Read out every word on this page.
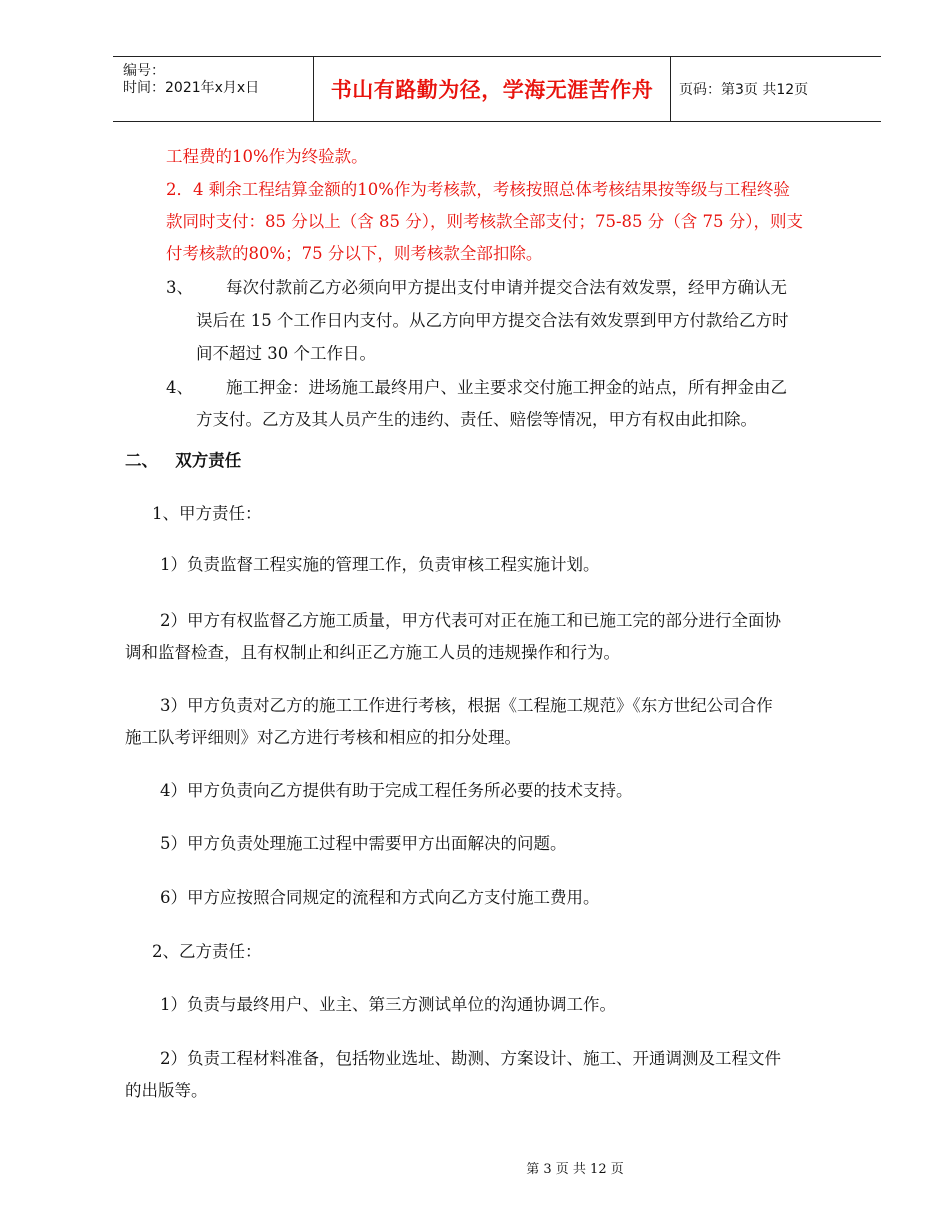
编号：
时间：2021年x月x日	书山有路勤为径，学海无涯苦作舟	页码：第3页 共12页
工程费的10%作为终验款。
2．4 剩余工程结算金额的10%作为考核款，考核按照总体考核结果按等级与工程终验
款同时支付：85 分以上（含 85 分），则考核款全部支付；75-85 分（含 75 分），则支
付考核款的80%；75 分以下，则考核款全部扣除。
3、 每次付款前乙方必须向甲方提出支付申请并提交合法有效发票，经甲方确认无
误后在 15 个工作日内支付。从乙方向甲方提交合法有效发票到甲方付款给乙方时
间不超过 30 个工作日。
4、 施工押金：进场施工最终用户、业主要求交付施工押金的站点，所有押金由乙
方支付。乙方及其人员产生的违约、责任、赔偿等情况，甲方有权由此扣除。
二、   双方责任
1、甲方责任：
1）负责监督工程实施的管理工作，负责审核工程实施计划。
2）甲方有权监督乙方施工质量，甲方代表可对正在施工和已施工完的部分进行全面协
调和监督检查，且有权制止和纠正乙方施工人员的违规操作和行为。
3）甲方负责对乙方的施工工作进行考核，根据《工程施工规范》《东方世纪公司合作
施工队考评细则》对乙方进行考核和相应的扣分处理。
4）甲方负责向乙方提供有助于完成工程任务所必要的技术支持。
5）甲方负责处理施工过程中需要甲方出面解决的问题。
6）甲方应按照合同规定的流程和方式向乙方支付施工费用。
2、乙方责任：
1）负责与最终用户、业主、第三方测试单位的沟通协调工作。
2）负责工程材料准备，包括物业选址、勘测、方案设计、施工、开通调测及工程文件
的出版等。
第 3 页 共 12 页
